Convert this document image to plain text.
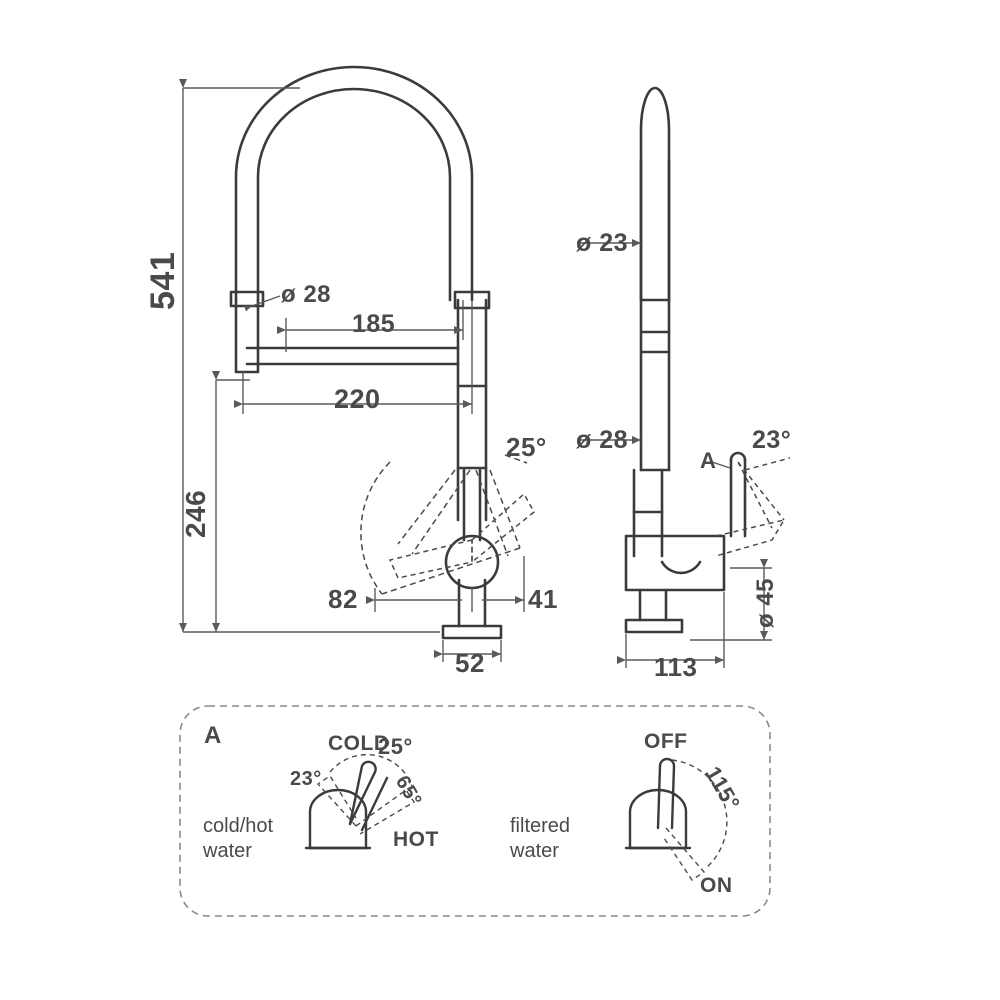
541
246
ø 28
185
220
52
82	41
25°
ø 23
ø 28
ø 45
113
23°
A
A
cold/hot
water
COLD
HOT
23°
25°
65°
filtered
water
OFF
ON
115°
